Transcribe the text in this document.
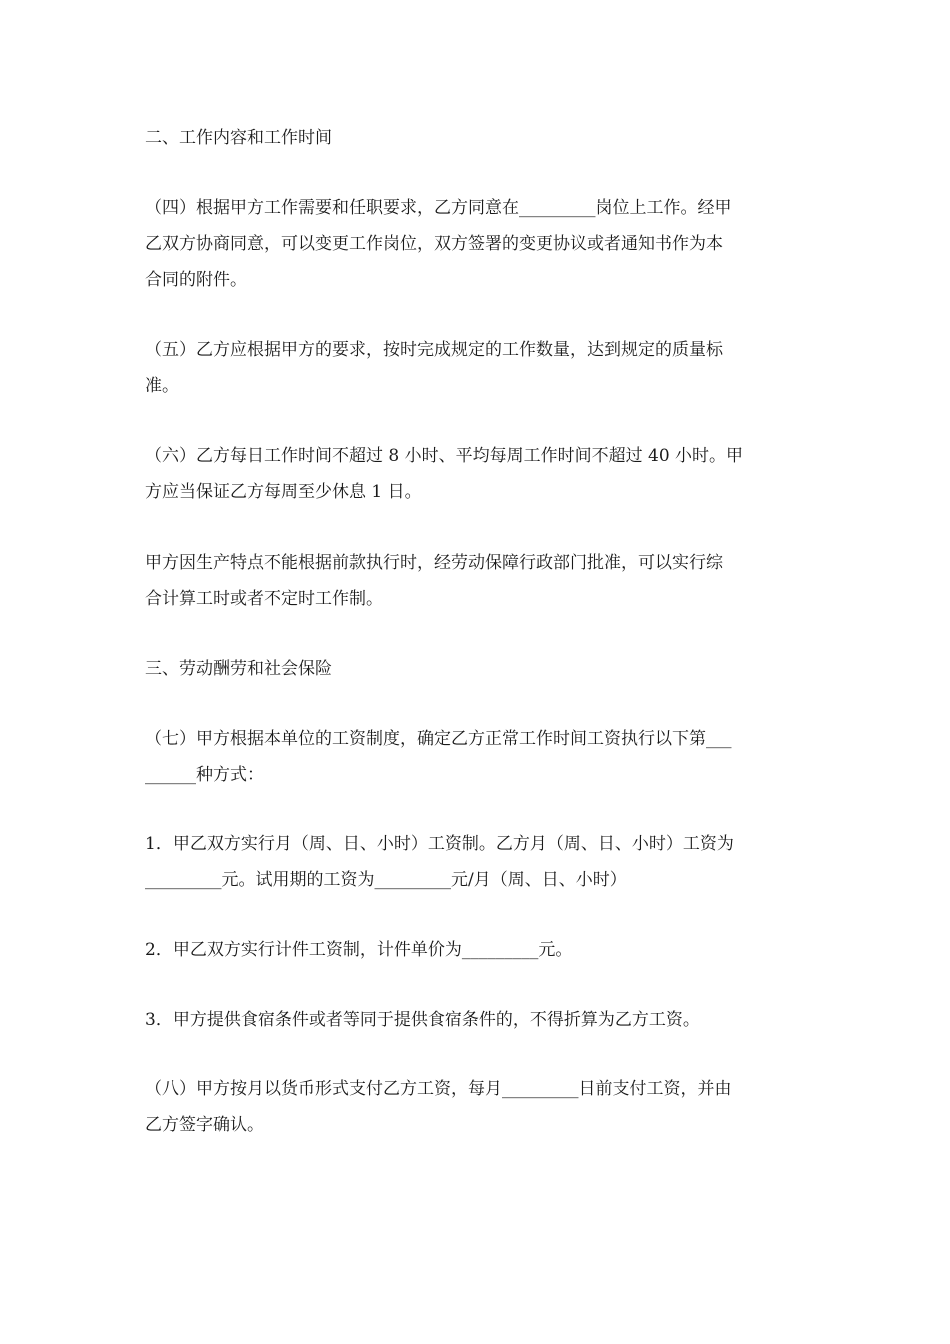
二、工作内容和工作时间
（四）根据甲方工作需要和任职要求，乙方同意在_________岗位上工作。经甲
乙双方协商同意，可以变更工作岗位，双方签署的变更协议或者通知书作为本
合同的附件。
（五）乙方应根据甲方的要求，按时完成规定的工作数量，达到规定的质量标
准。
（六）乙方每日工作时间不超过 8 小时、平均每周工作时间不超过 40 小时。甲
方应当保证乙方每周至少休息 1 日。
甲方因生产特点不能根据前款执行时，经劳动保障行政部门批准，可以实行综
合计算工时或者不定时工作制。
三、劳动酬劳和社会保险
（七）甲方根据本单位的工资制度，确定乙方正常工作时间工资执行以下第___
______种方式：
1．甲乙双方实行月（周、日、小时）工资制。乙方月（周、日、小时）工资为
_________元。试用期的工资为_________元/月（周、日、小时）
2．甲乙双方实行计件工资制，计件单价为_________元。
3．甲方提供食宿条件或者等同于提供食宿条件的，不得折算为乙方工资。
（八）甲方按月以货币形式支付乙方工资，每月_________日前支付工资，并由
乙方签字确认。
